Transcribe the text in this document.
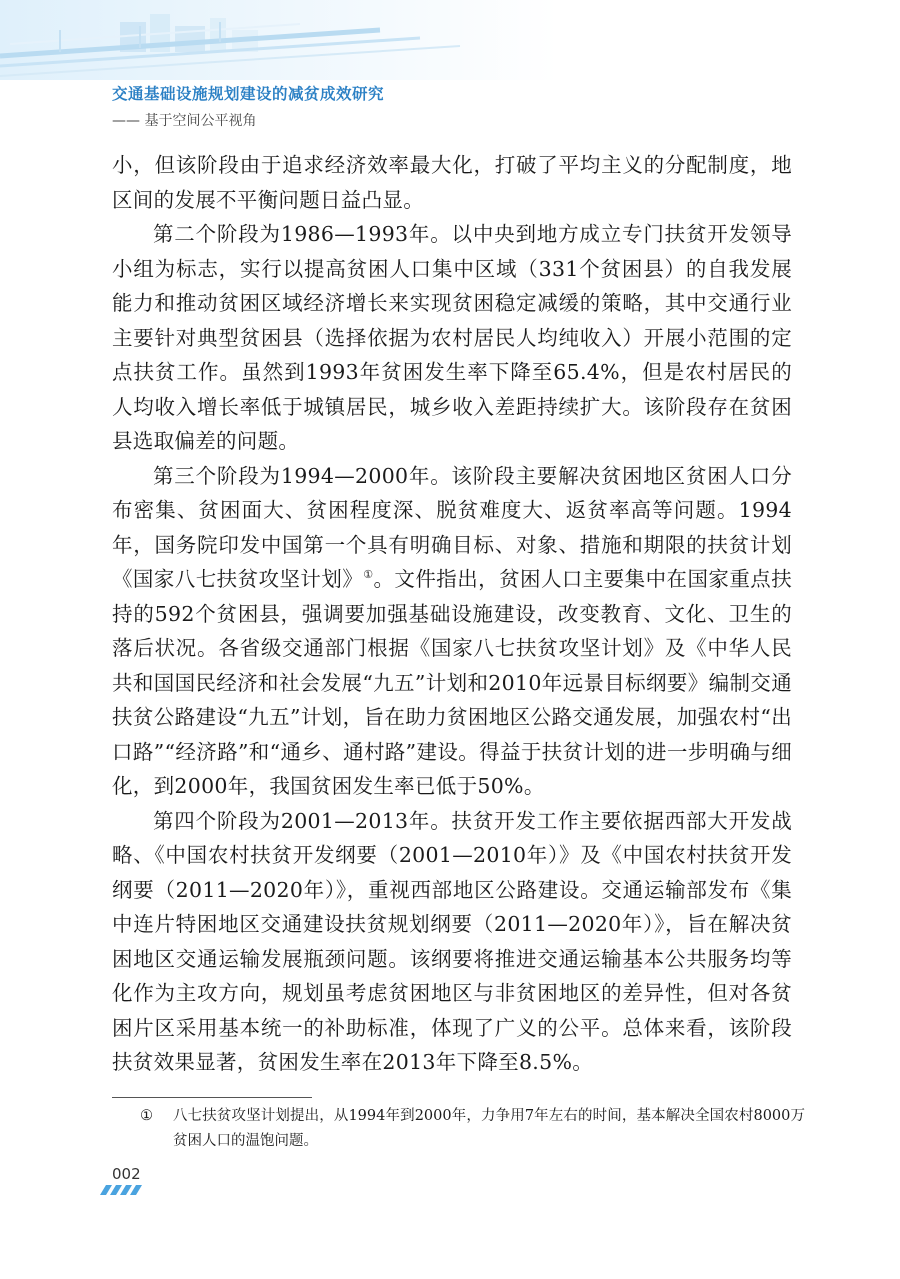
交通基础设施规划建设的减贫成效研究
—— 基于空间公平视角

小，但该阶段由于追求经济效率最大化，打破了平均主义的分配制度，地区间的发展不平衡问题日益凸显。

第二个阶段为1986—1993年。以中央到地方成立专门扶贫开发领导小组为标志，实行以提高贫困人口集中区域（331个贫困县）的自我发展能力和推动贫困区域经济增长来实现贫困稳定减缓的策略，其中交通行业主要针对典型贫困县（选择依据为农村居民人均纯收入）开展小范围的定点扶贫工作。虽然到1993年贫困发生率下降至65.4%，但是农村居民的人均收入增长率低于城镇居民，城乡收入差距持续扩大。该阶段存在贫困县选取偏差的问题。

第三个阶段为1994—2000年。该阶段主要解决贫困地区贫困人口分布密集、贫困面大、贫困程度深、脱贫难度大、返贫率高等问题。1994年，国务院印发中国第一个具有明确目标、对象、措施和期限的扶贫计划《国家八七扶贫攻坚计划》①。文件指出，贫困人口主要集中在国家重点扶持的592个贫困县，强调要加强基础设施建设，改变教育、文化、卫生的落后状况。各省级交通部门根据《国家八七扶贫攻坚计划》及《中华人民共和国国民经济和社会发展“九五”计划和2010年远景目标纲要》编制交通扶贫公路建设“九五”计划，旨在助力贫困地区公路交通发展，加强农村“出口路”“经济路”和“通乡、通村路”建设。得益于扶贫计划的进一步明确与细化，到2000年，我国贫困发生率已低于50%。

第四个阶段为2001—2013年。扶贫开发工作主要依据西部大开发战略、《中国农村扶贫开发纲要（2001—2010年）》及《中国农村扶贫开发纲要（2011—2020年）》，重视西部地区公路建设。交通运输部发布《集中连片特困地区交通建设扶贫规划纲要（2011—2020年）》，旨在解决贫困地区交通运输发展瓶颈问题。该纲要将推进交通运输基本公共服务均等化作为主攻方向，规划虽考虑贫困地区与非贫困地区的差异性，但对各贫困片区采用基本统一的补助标准，体现了广义的公平。总体来看，该阶段扶贫效果显著，贫困发生率在2013年下降至8.5%。

① 八七扶贫攻坚计划提出，从1994年到2000年，力争用7年左右的时间，基本解决全国农村8000万贫困人口的温饱问题。
002
